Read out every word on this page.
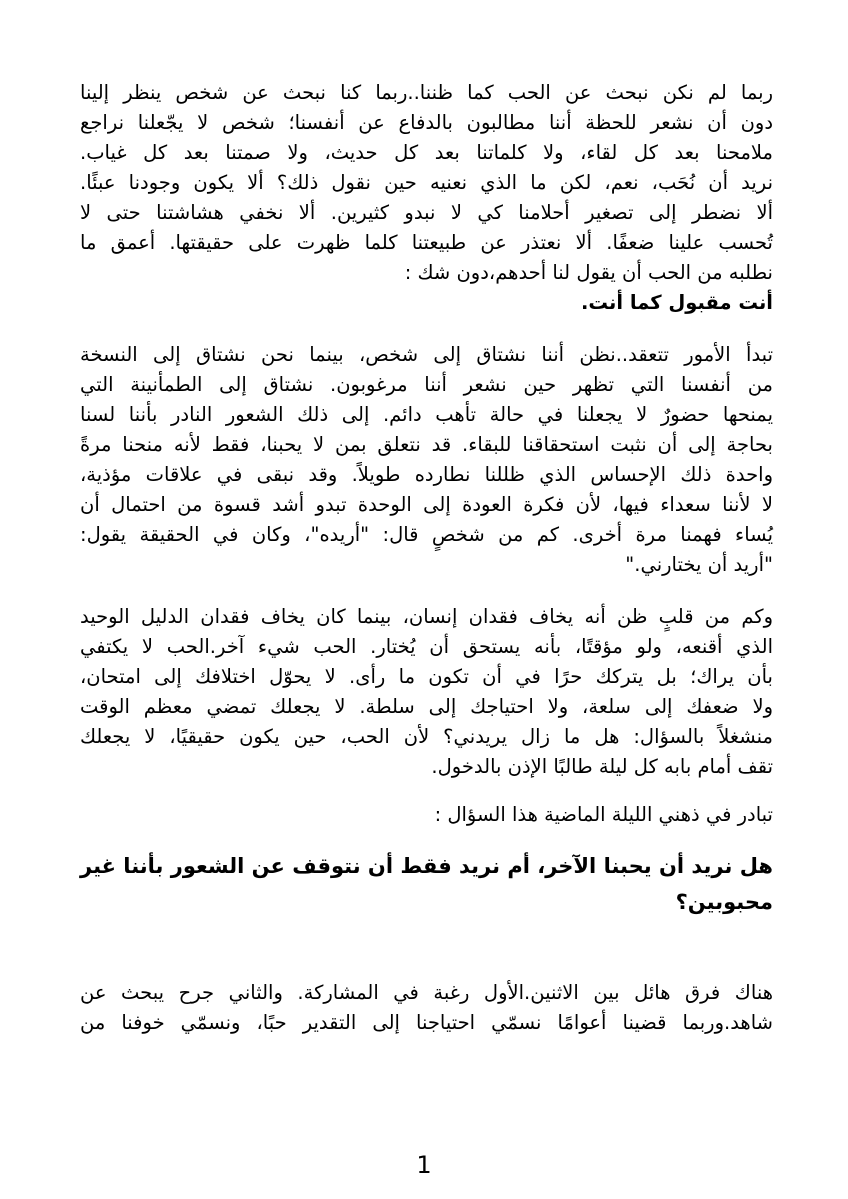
ربما لم نكن نبحث عن الحب كما ظننا..ربما كنا نبحث عن شخص ينظر إلينا
دون أن نشعر للحظة أننا مطالبون بالدفاع عن أنفسنا؛ شخص لا يجّعلنا نراجع
ملامحنا بعد كل لقاء، ولا كلماتنا بعد كل حديث، ولا صمتنا بعد كل غياب.
نريد أن نُحَب، نعم، لكن ما الذي نعنيه حين نقول ذلك؟ ألا يكون وجودنا عبئًا.
ألا نضطر إلى تصغير أحلامنا كي لا نبدو كثيرين. ألا نخفي هشاشتنا حتى لا
تُحسب علينا ضعفًا. ألا نعتذر عن طبيعتنا كلما ظهرت على حقيقتها. أعمق ما
نطلبه من الحب أن يقول لنا أحدهم،دون شك :
أنت مقبول كما أنت.
تبدأ الأمور تتعقد..نظن أننا نشتاق إلى شخص، بينما نحن نشتاق إلى النسخة
من أنفسنا التي تظهر حين نشعر أننا مرغوبون. نشتاق إلى الطمأنينة التي
يمنحها حضورٌ لا يجعلنا في حالة تأهب دائم. إلى ذلك الشعور النادر بأننا لسنا
بحاجة إلى أن نثبت استحقاقنا للبقاء. قد نتعلق بمن لا يحبنا، فقط لأنه منحنا مرةً
واحدة ذلك الإحساس الذي ظللنا نطارده طويلاً. وقد نبقى في علاقات مؤذية،
لا لأننا سعداء فيها، لأن فكرة العودة إلى الوحدة تبدو أشد قسوة من احتمال أن
يُساء فهمنا مرة أخرى. كم من شخصٍ قال: "أريده"، وكان في الحقيقة يقول:
"أريد أن يختارني."
وكم من قلبٍ ظن أنه يخاف فقدان إنسان، بينما كان يخاف فقدان الدليل الوحيد
الذي أقنعه، ولو مؤقتًا، بأنه يستحق أن يُختار. الحب شيء آخر.الحب لا يكتفي
بأن يراك؛ بل يتركك حرًا في أن تكون ما رأى. لا يحوّل اختلافك إلى امتحان،
ولا ضعفك إلى سلعة، ولا احتياجك إلى سلطة. لا يجعلك تمضي معظم الوقت
منشغلاً بالسؤال: هل ما زال يريدني؟ لأن الحب، حين يكون حقيقيًا، لا يجعلك
تقف أمام بابه كل ليلة طالبًا الإذن بالدخول.
تبادر في ذهني الليلة الماضية هذا السؤال :
هل نريد أن يحبنا الآخر، أم نريد فقط أن نتوقف عن الشعور بأننا غير
محبوبين؟
هناك فرق هائل بين الاثنين.الأول رغبة في المشاركة. والثاني جرح يبحث عن
شاهد.وربما قضينا أعوامًا نسمّي احتياجنا إلى التقدير حبًا، ونسمّي خوفنا من
1
